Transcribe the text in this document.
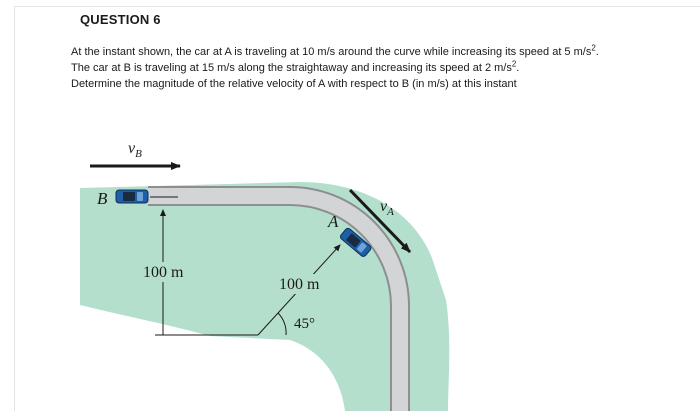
QUESTION 6
At the instant shown, the car at A is traveling at 10 m/s around the curve while increasing its speed at 5 $m/s^2$.
The car at B is traveling at 15 m/s along the straightaway and increasing its speed at 2 $m/s^2$.
Determine the magnitude of the relative velocity of A with respect to B (in m/s) at this instant
$v_B$
B
100 m
100 m
45°
A
$v_A$
